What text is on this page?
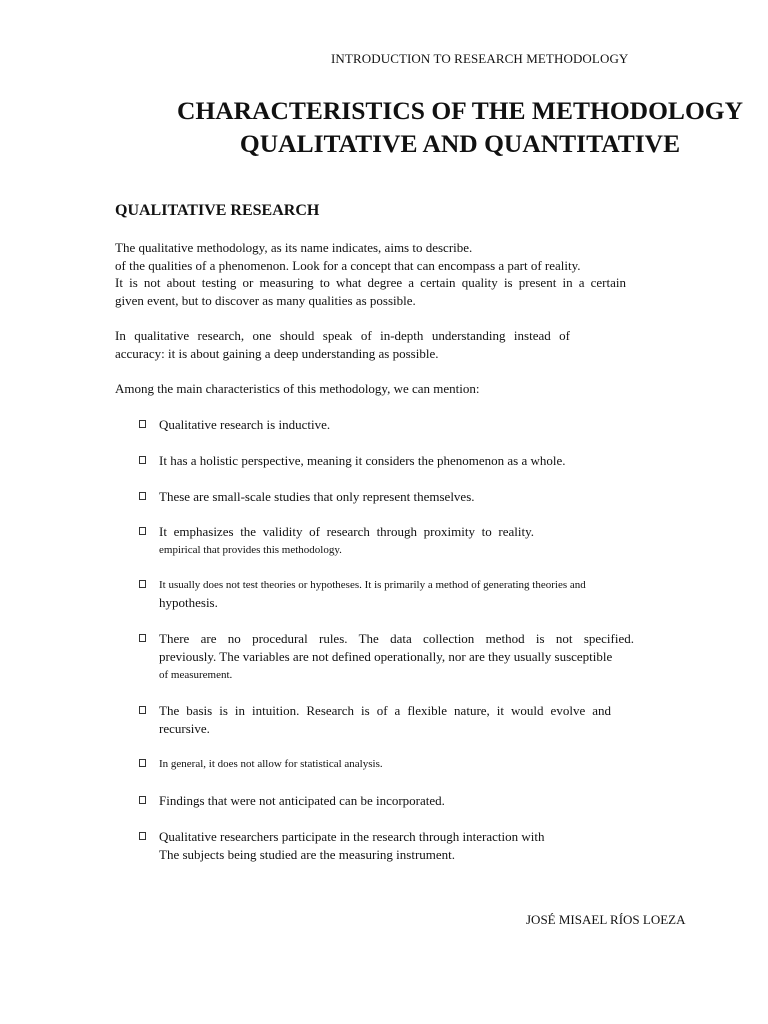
INTRODUCTION TO RESEARCH METHODOLOGY
CHARACTERISTICS OF THE METHODOLOGY
QUALITATIVE AND QUANTITATIVE
QUALITATIVE RESEARCH
The qualitative methodology, as its name indicates, aims to describe.
of the qualities of a phenomenon. Look for a concept that can encompass a part of reality.
It is not about testing or measuring to what degree a certain quality is present in a certain
given event, but to discover as many qualities as possible.
In qualitative research, one should speak of in-depth understanding instead of
accuracy: it is about gaining a deep understanding as possible.
Among the main characteristics of this methodology, we can mention:
Qualitative research is inductive.
It has a holistic perspective, meaning it considers the phenomenon as a whole.
These are small-scale studies that only represent themselves.
It emphasizes the validity of research through proximity to reality.
empirical that provides this methodology.
It usually does not test theories or hypotheses. It is primarily a method of generating theories and
hypothesis.
There are no procedural rules. The data collection method is not specified.
previously. The variables are not defined operationally, nor are they usually susceptible
of measurement.
The basis is in intuition. Research is of a flexible nature, it would evolve and
recursive.
In general, it does not allow for statistical analysis.
Findings that were not anticipated can be incorporated.
Qualitative researchers participate in the research through interaction with
The subjects being studied are the measuring instrument.
JOSÉ MISAEL RÍOS LOEZA
